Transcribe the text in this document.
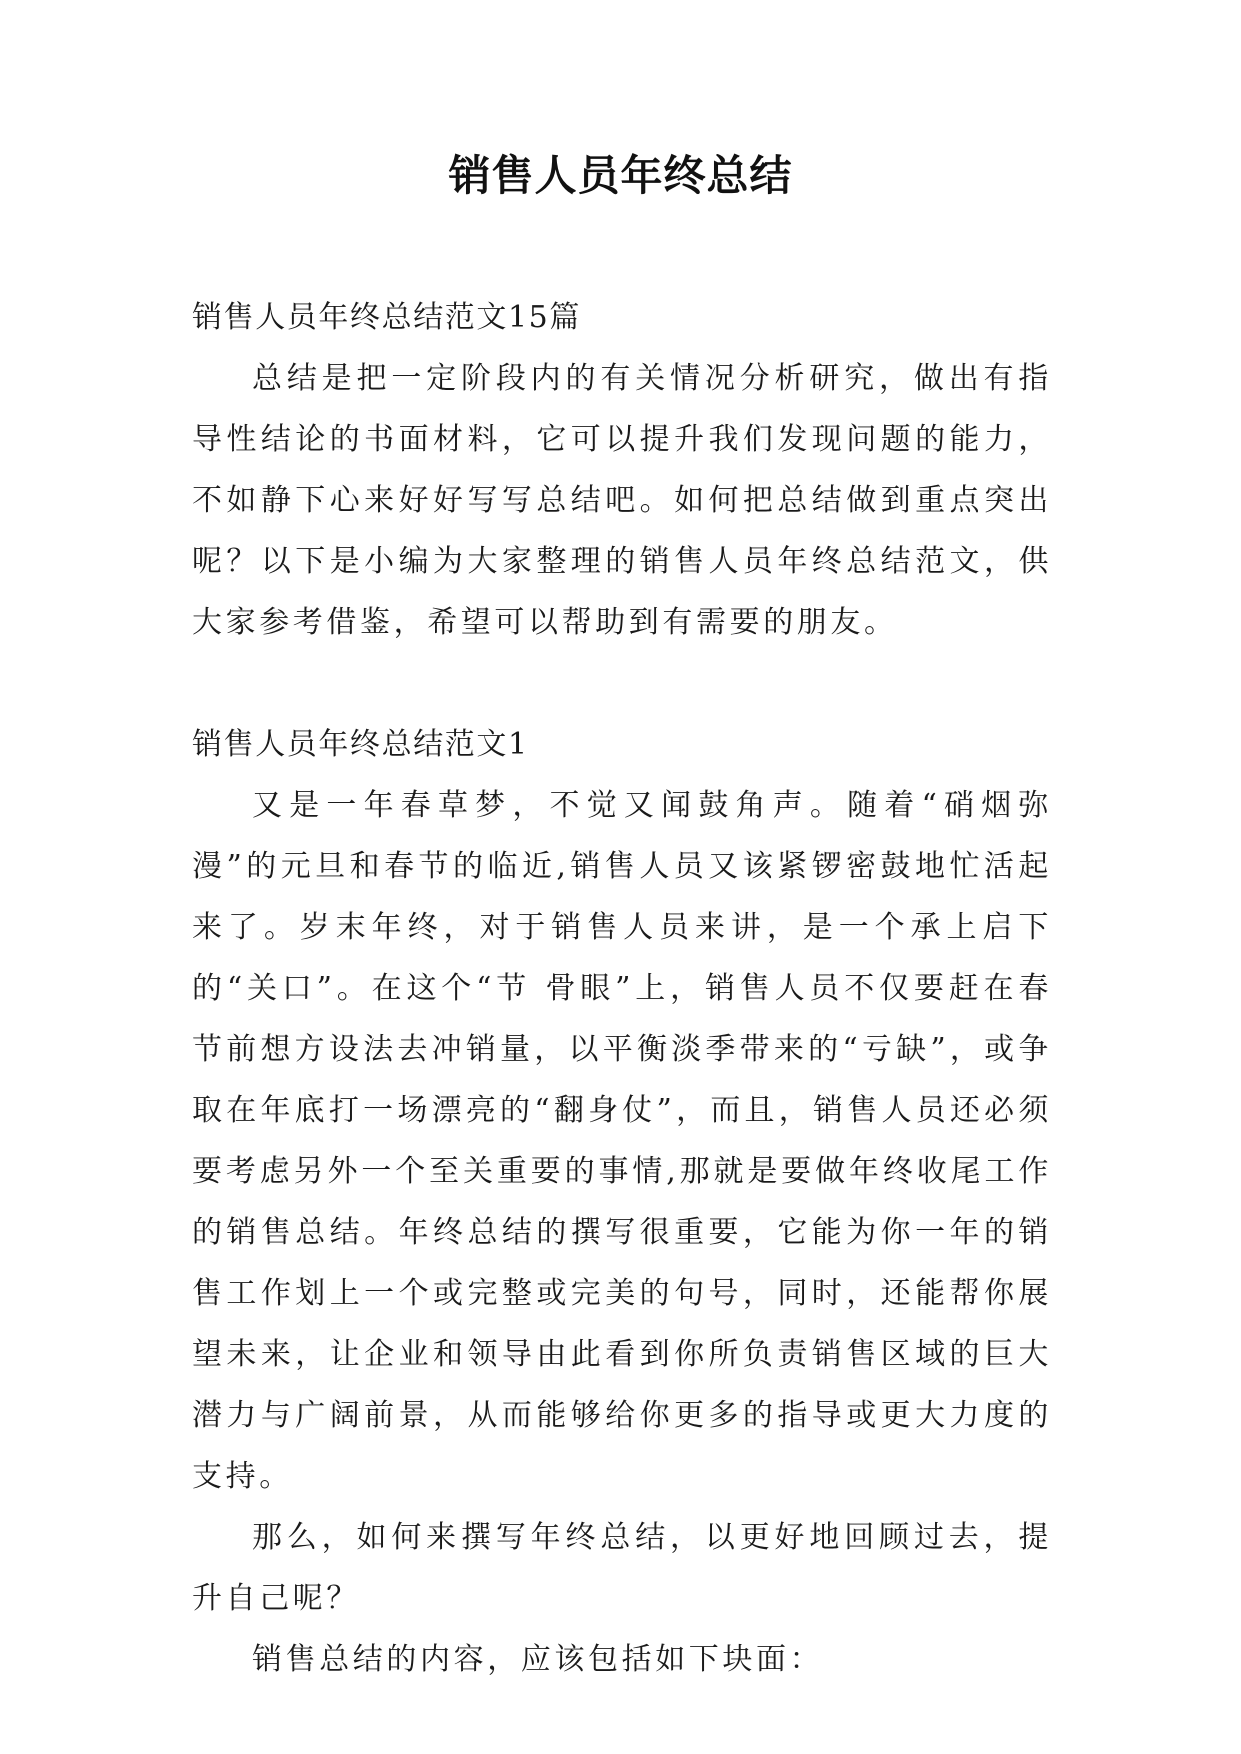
销售人员年终总结

销售人员年终总结范文15篇

总结是把一定阶段内的有关情况分析研究，做出有指导性结论的书面材料，它可以提升我们发现问题的能力，不如静下心来好好写写总结吧。如何把总结做到重点突出呢？以下是小编为大家整理的销售人员年终总结范文，供大家参考借鉴，希望可以帮助到有需要的朋友。

销售人员年终总结范文1

又是一年春草梦，不觉又闻鼓角声。随着“硝烟弥漫”的元旦和春节的临近,销售人员又该紧锣密鼓地忙活起来了。岁末年终，对于销售人员来讲，是一个承上启下的“关口”。在这个“节 骨眼”上，销售人员不仅要赶在春节前想方设法去冲销量，以平衡淡季带来的“亏缺”，或争取在年底打一场漂亮的“翻身仗”，而且，销售人员还必须要考虑另外一个至关重要的事情,那就是要做年终收尾工作的销售总结。年终总结的撰写很重要，它能为你一年的销售工作划上一个或完整或完美的句号，同时，还能帮你展望未来，让企业和领导由此看到你所负责销售区域的巨大潜力与广阔前景，从而能够给你更多的指导或更大力度的支持。

那么，如何来撰写年终总结，以更好地回顾过去，提升自己呢？

销售总结的内容，应该包括如下块面：
